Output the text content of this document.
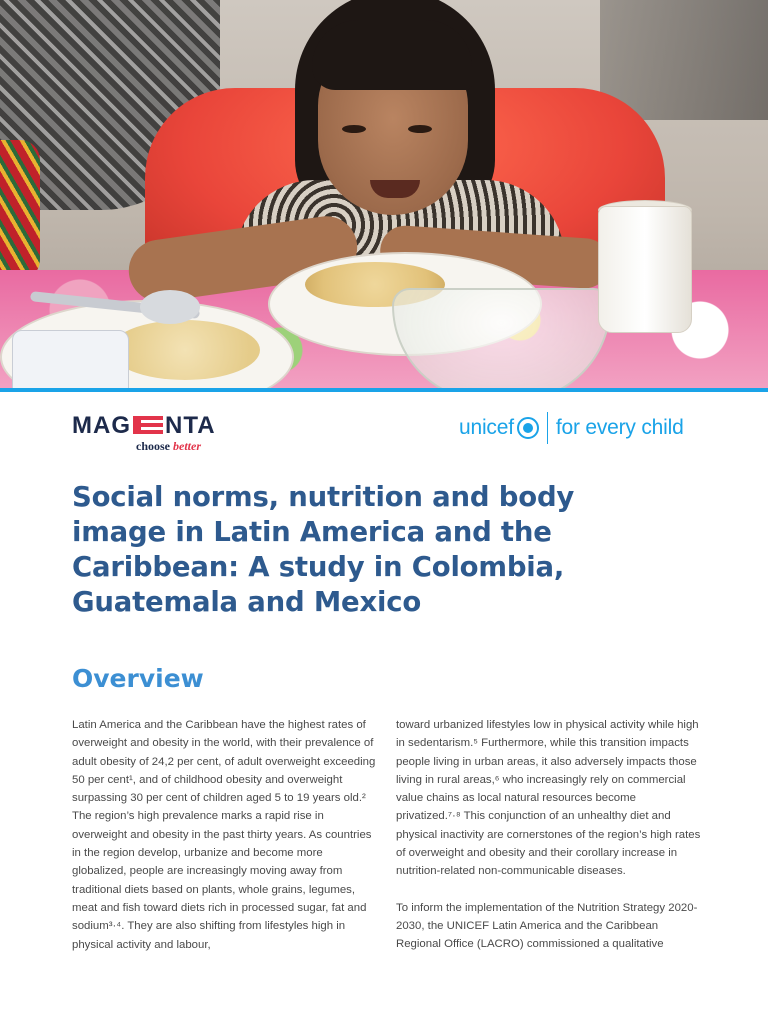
MAG NTA
choose better
unicef for every child
Social norms, nutrition and body image in Latin America and the Caribbean: A study in Colombia, Guatemala and Mexico
Overview

Latin America and the Caribbean have the highest rates of overweight and obesity in the world, with their prevalence of adult obesity of 24,2 per cent, of adult overweight exceeding 50 per cent¹, and of childhood obesity and overweight surpassing 30 per cent of children aged 5 to 19 years old.² The region’s high prevalence marks a rapid rise in overweight and obesity in the past thirty years. As countries in the region develop, urbanize and become more globalized, people are increasingly moving away from traditional diets based on plants, whole grains, legumes, meat and fish toward diets rich in processed sugar, fat and sodium³·⁴. They are also shifting from lifestyles high in physical activity and labour,

toward urbanized lifestyles low in physical activity while high in sedentarism.⁵ Furthermore, while this transition impacts people living in urban areas, it also adversely impacts those living in rural areas,⁶ who increasingly rely on commercial value chains as local natural resources become privatized.⁷·⁸ This conjunction of an unhealthy diet and physical inactivity are cornerstones of the region’s high rates of overweight and obesity and their corollary increase in nutrition-related non-communicable diseases.

To inform the implementation of the Nutrition Strategy 2020-2030, the UNICEF Latin America and the Caribbean Regional Office (LACRO) commissioned a qualitative
